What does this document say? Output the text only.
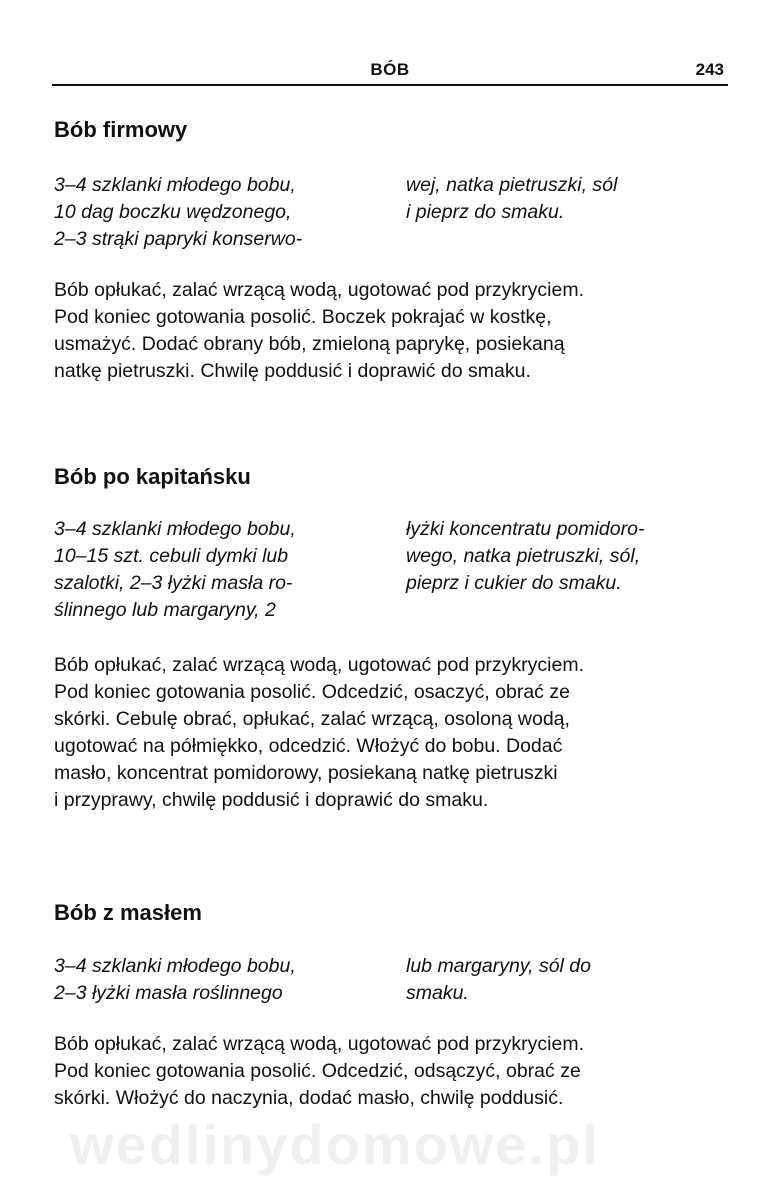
BÓB	243
Bób firmowy

3–4 szklanki młodego bobu,

10 dag boczku wędzonego,

2–3 strąki papryki konserwo-

wej, natka pietruszki, sól

i pieprz do smaku.

Bób opłukać, zalać wrzącą wodą, ugotować pod przykryciem.
Pod koniec gotowania posolić. Boczek pokrajać w kostkę,
usmażyć. Dodać obrany bób, zmieloną paprykę, posiekaną
natkę pietruszki. Chwilę poddusić i doprawić do smaku.
Bób po kapitańsku

3–4 szklanki młodego bobu,

10–15 szt. cebuli dymki lub

szalotki, 2–3 łyżki masła ro-

ślinnego lub margaryny, 2

łyżki koncentratu pomidoro-

wego, natka pietruszki, sól,

pieprz i cukier do smaku.

Bób opłukać, zalać wrzącą wodą, ugotować pod przykryciem.
Pod koniec gotowania posolić. Odcedzić, osaczyć, obrać ze
skórki. Cebulę obrać, opłukać, zalać wrzącą, osoloną wodą,
ugotować na półmiękko, odcedzić. Włożyć do bobu. Dodać
masło, koncentrat pomidorowy, posiekaną natkę pietruszki
i przyprawy, chwilę poddusić i doprawić do smaku.
Bób z masłem

3–4 szklanki młodego bobu,

2–3 łyżki masła roślinnego

lub margaryny, sól do

smaku.

Bób opłukać, zalać wrzącą wodą, ugotować pod przykryciem.
Pod koniec gotowania posolić. Odcedzić, odsączyć, obrać ze
skórki. Włożyć do naczynia, dodać masło, chwilę poddusić.
wedlinydomowe.pl
